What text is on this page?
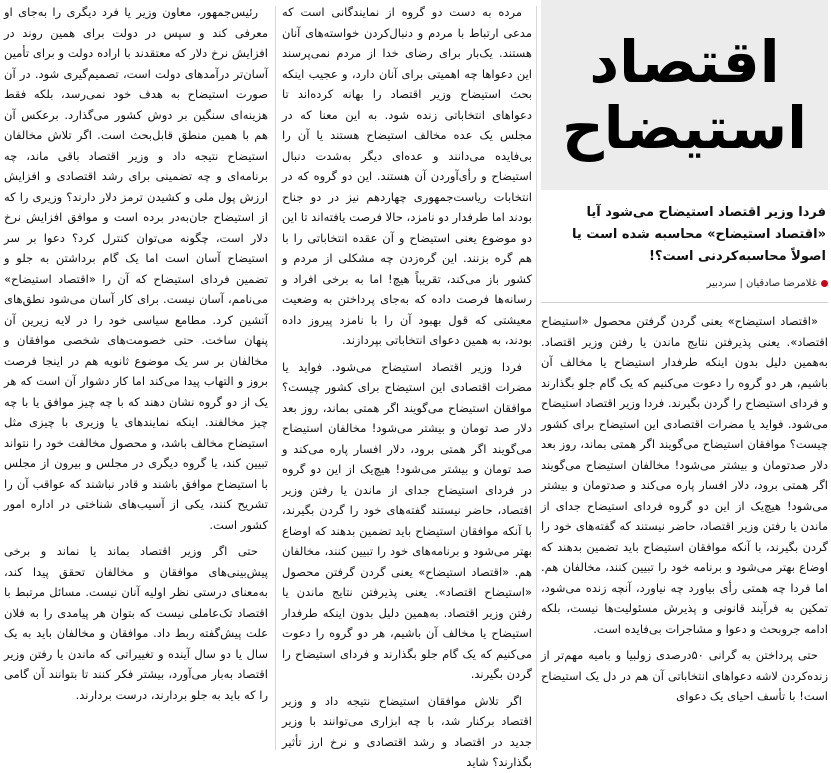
رئیس‌جمهور، معاون وزیر یا فرد دیگری را به‌جای او معرفی کند و سپس در دولت برای همین روند در افزایش نرخ دلار که معتقدند با اراده دولت و برای تأمین آسان‌تر درآمدهای دولت است، تصمیم‌گیری شود. در آن صورت استیضاح به هدف خود نمی‌رسد، بلکه فقط هزینه‌ای سنگین بر دوش کشور می‌گذارد. برعکس آن هم با همین منطق قابل‌بحث است. اگر تلاش مخالفان استیضاح نتیجه داد و وزیر اقتصاد باقی ماند، چه برنامه‌ای و چه تضمینی برای رشد اقتصادی و افزایش ارزش پول ملی و کشیدن ترمز دلار دارند؟ وزیری را که از استیضاح جان‌به‌در برده است و موافق افزایش نرخ دلار است، چگونه می‌توان کنترل کرد؟ دعوا بر سر استیضاح آسان است اما یک گام برداشتن به جلو و تضمین فردای استیضاح که آن را «اقتصاد استیضاح» می‌نامم، آسان نیست. برای کار آسان می‌شود نطق‌های آتشین کرد. مطامع سیاسی خود را در لایه زیرین آن پنهان ساخت. حتی خصومت‌های شخصی موافقان و مخالفان بر سر یک موضوع ثانویه هم در اینجا فرصت بروز و التهاب پیدا می‌کند اما کار دشوار آن است که هر یک از دو گروه نشان دهند که با چه چیز موافق یا با چه چیز مخالفند. اینکه نمایندهای یا وزیری با چیزی مثل استیضاح مخالف باشد، و محصول مخالفت خود را نتواند تبیین کند، یا گروه دیگری در مجلس و بیرون از مجلس با استیضاح موافق باشند و قادر نباشند که عواقب آن را تشریح کنند، یکی از آسیب‌های شناختی در اداره امور کشور است.

حتی اگر وزیر اقتصاد بماند یا نماند و برخی پیش‌بینی‌های موافقان و مخالفان تحقق پیدا کند، به‌معنای درستی نظر اولیه آنان نیست. مسائل مرتبط با اقتصاد تک‌عاملی نیست که بتوان هر پیامدی را به فلان علت پیش‌گفته ربط داد. موافقان و مخالفان باید به یک سال یا دو سال آینده و تغییراتی که ماندن یا رفتن وزیر اقتصاد به‌بار می‌آورد، بیشتر فکر کنند تا بتوانند آن گامی را که باید به جلو بردارند، درست بردارند.

مرده به دست دو گروه از نمایندگانی است که مدعی ارتباط با مردم و دنبال‌کردن خواسته‌های آنان هستند. یک‌بار برای رضای خدا از مردم نمی‌پرسند این دعواها چه اهمیتی برای آنان دارد، و عجیب اینکه بحث استیضاح وزیر اقتصاد را بهانه کرده‌اند تا دعواهای انتخاباتی زنده شود. به این معنا که در مجلس یک عده مخالف استیضاح هستند یا آن را بی‌فایده می‌دانند و عده‌ای دیگر به‌شدت دنبال استیضاح و رأی‌آوردن آن هستند. این دو گروه که در انتخابات ریاست‌جمهوری چهاردهم نیز در دو جناح بودند اما طرفدار دو نامزد، حالا فرصت یافته‌اند تا این دو موضوع یعنی استیضاح و آن عقده انتخاباتی را با هم گره بزنند. این گره‌زدن چه مشکلی از مردم و کشور باز می‌کند، تقریباً هیچ! اما به برخی افراد و رسانه‌ها فرصت داده که به‌جای پرداختن به وضعیت معیشتی که قول بهبود آن را با نامزد پیروز داده بودند، به همین دعوای انتخاباتی بپردازند.

فردا وزیر اقتصاد استیضاح می‌شود. فواید یا مضرات اقتصادی این استیضاح برای کشور چیست؟ موافقان استیضاح می‌گویند اگر همتی بماند، روز بعد دلار صد تومان و بیشتر می‌شود! مخالفان استیضاح می‌گویند اگر همتی برود، دلار افسار پاره می‌کند و صد تومان و بیشتر می‌شود! هیچ‌یک از این دو گروه در فردای استیضاح جدای از ماندن یا رفتن وزیر اقتصاد، حاضر نیستند گفته‌های خود را گردن بگیرند، با آنکه موافقان استیضاح باید تضمین بدهند که اوضاع بهتر می‌شود و برنامه‌های خود را تبیین کنند، مخالفان هم. «اقتصاد استیضاح» یعنی گردن گرفتن محصول «استیضاح اقتصاد». یعنی پذیرفتن نتایج ماندن یا رفتن وزیر اقتصاد. به‌همین دلیل بدون اینکه طرفدار استیضاح یا مخالف آن باشیم، هر دو گروه را دعوت می‌کنیم که یک گام جلو بگذارند و فردای استیضاح را گردن بگیرند.

اگر تلاش موافقان استیضاح نتیجه داد و وزیر اقتصاد برکنار شد، با چه ابزاری می‌توانند با وزیر جدید در اقتصاد و رشد اقتصادی و نرخ ارز تأثیر بگذارند؟ شاید

اقتصاد استیضاح
فردا وزیر اقتصاد استیضاح می‌شود آیا «اقتصاد استیضاح» محاسبه شده است یا اصولاً محاسبه‌کردنی است؟!
غلامرضا صادقیان | سردبیر

«اقتصاد استیضاح» یعنی گردن گرفتن محصول «استیضاح اقتصاد». یعنی پذیرفتن نتایج ماندن یا رفتن وزیر اقتصاد. به‌همین دلیل بدون اینکه طرفدار استیضاح یا مخالف آن باشیم، هر دو گروه را دعوت می‌کنیم که یک گام جلو بگذارند و فردای استیضاح را گردن بگیرند. فردا وزیر اقتصاد استیضاح می‌شود. فواید یا مضرات اقتصادی این استیضاح برای کشور چیست؟ موافقان استیضاح می‌گویند اگر همتی بماند، روز بعد دلار صدتومان و بیشتر می‌شود! مخالفان استیضاح می‌گویند اگر همتی برود، دلار افسار پاره می‌کند و صدتومان و بیشتر می‌شود! هیچ‌یک از این دو گروه فردای استیضاح جدای از ماندن یا رفتن وزیر اقتصاد، حاضر نیستند که گفته‌های خود را گردن بگیرند، با آنکه موافقان استیضاح باید تضمین بدهند که اوضاع بهتر می‌شود و برنامه خود را تبیین کنند، مخالفان هم. اما فردا چه همتی رأی بیاورد چه نیاورد، آنچه زنده می‌شود، تمکین به فرآیند قانونی و پذیرش مسئولیت‌ها نیست، بلکه ادامه جروبحث و دعوا و مشاجرات بی‌فایده است.

حتی پرداختن به گرانی ۵۰درصدی زولبیا و بامیه مهم‌تر از زنده‌کردن لاشه دعواهای انتخاباتی آن هم در دل یک استیضاح است! با تأسف احیای یک دعوای
